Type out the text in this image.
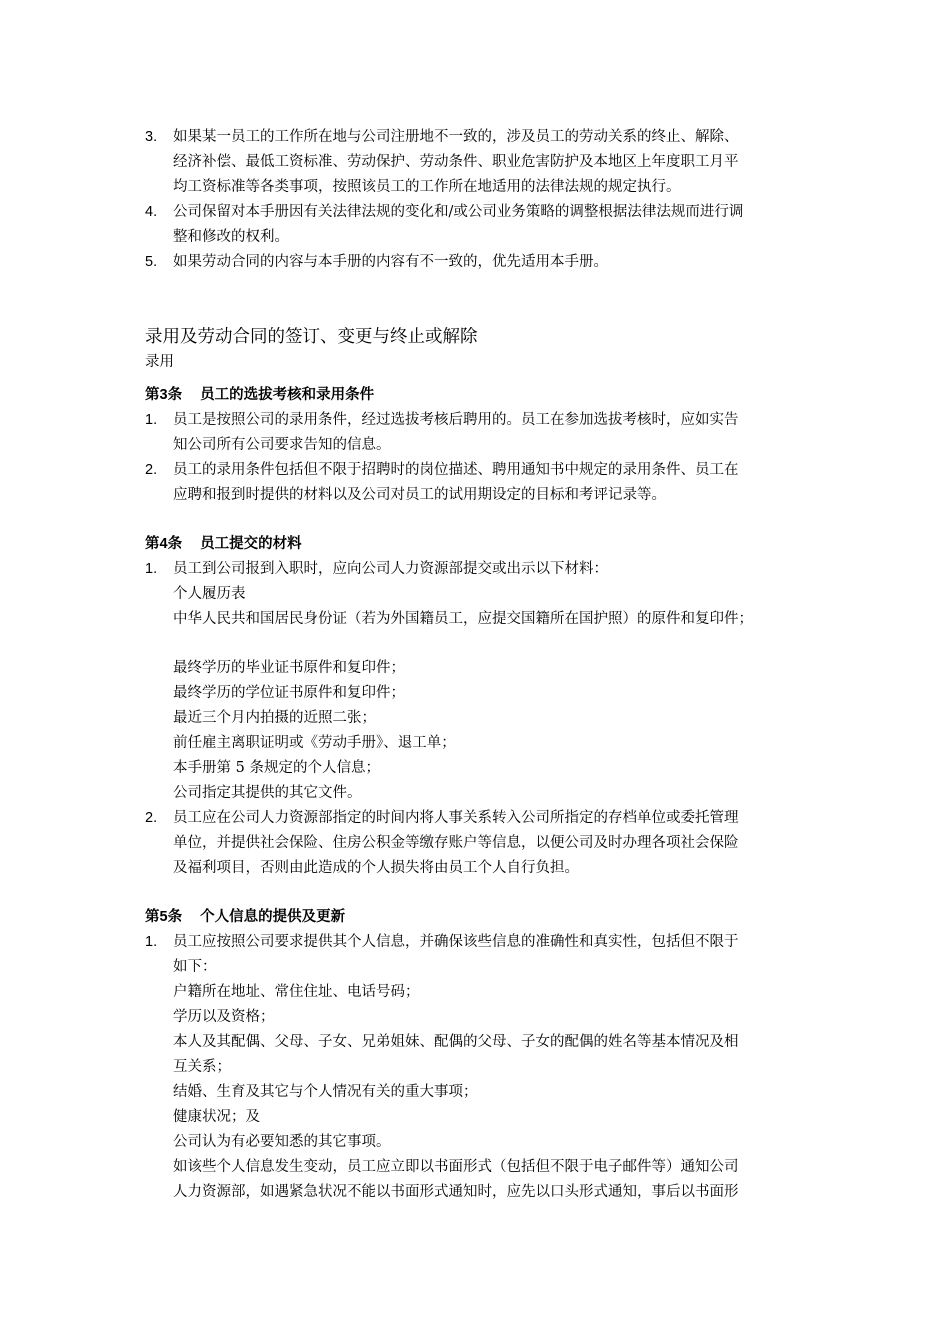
3. 如果某一员工的工作所在地与公司注册地不一致的，涉及员工的劳动关系的终止、解除、
经济补偿、最低工资标准、劳动保护、劳动条件、职业危害防护及本地区上年度职工月平
均工资标准等各类事项，按照该员工的工作所在地适用的法律法规的规定执行。
4. 公司保留对本手册因有关法律法规的变化和/或公司业务策略的调整根据法律法规而进行调
整和修改的权利。
5. 如果劳动合同的内容与本手册的内容有不一致的，优先适用本手册。
录用及劳动合同的签订、变更与终止或解除
录用
第3条 员工的选拔考核和录用条件
1. 员工是按照公司的录用条件，经过选拔考核后聘用的。员工在参加选拔考核时，应如实告
知公司所有公司要求告知的信息。
2. 员工的录用条件包括但不限于招聘时的岗位描述、聘用通知书中规定的录用条件、员工在
应聘和报到时提供的材料以及公司对员工的试用期设定的目标和考评记录等。
第4条 员工提交的材料
1. 员工到公司报到入职时，应向公司人力资源部提交或出示以下材料：
个人履历表
中华人民共和国居民身份证（若为外国籍员工，应提交国籍所在国护照）的原件和复印件；
最终学历的毕业证书原件和复印件；
最终学历的学位证书原件和复印件；
最近三个月内拍摄的近照二张；
前任雇主离职证明或《劳动手册》、退工单；
本手册第 5 条规定的个人信息；
公司指定其提供的其它文件。
2. 员工应在公司人力资源部指定的时间内将人事关系转入公司所指定的存档单位或委托管理
单位，并提供社会保险、住房公积金等缴存账户等信息，以便公司及时办理各项社会保险
及福利项目，否则由此造成的个人损失将由员工个人自行负担。
第5条 个人信息的提供及更新
1. 员工应按照公司要求提供其个人信息，并确保该些信息的准确性和真实性，包括但不限于
如下：
户籍所在地址、常住住址、电话号码；
学历以及资格；
本人及其配偶、父母、子女、兄弟姐妹、配偶的父母、子女的配偶的姓名等基本情况及相
互关系；
结婚、生育及其它与个人情况有关的重大事项；
健康状况；及
公司认为有必要知悉的其它事项。
如该些个人信息发生变动，员工应立即以书面形式（包括但不限于电子邮件等）通知公司
人力资源部，如遇紧急状况不能以书面形式通知时，应先以口头形式通知，事后以书面形
